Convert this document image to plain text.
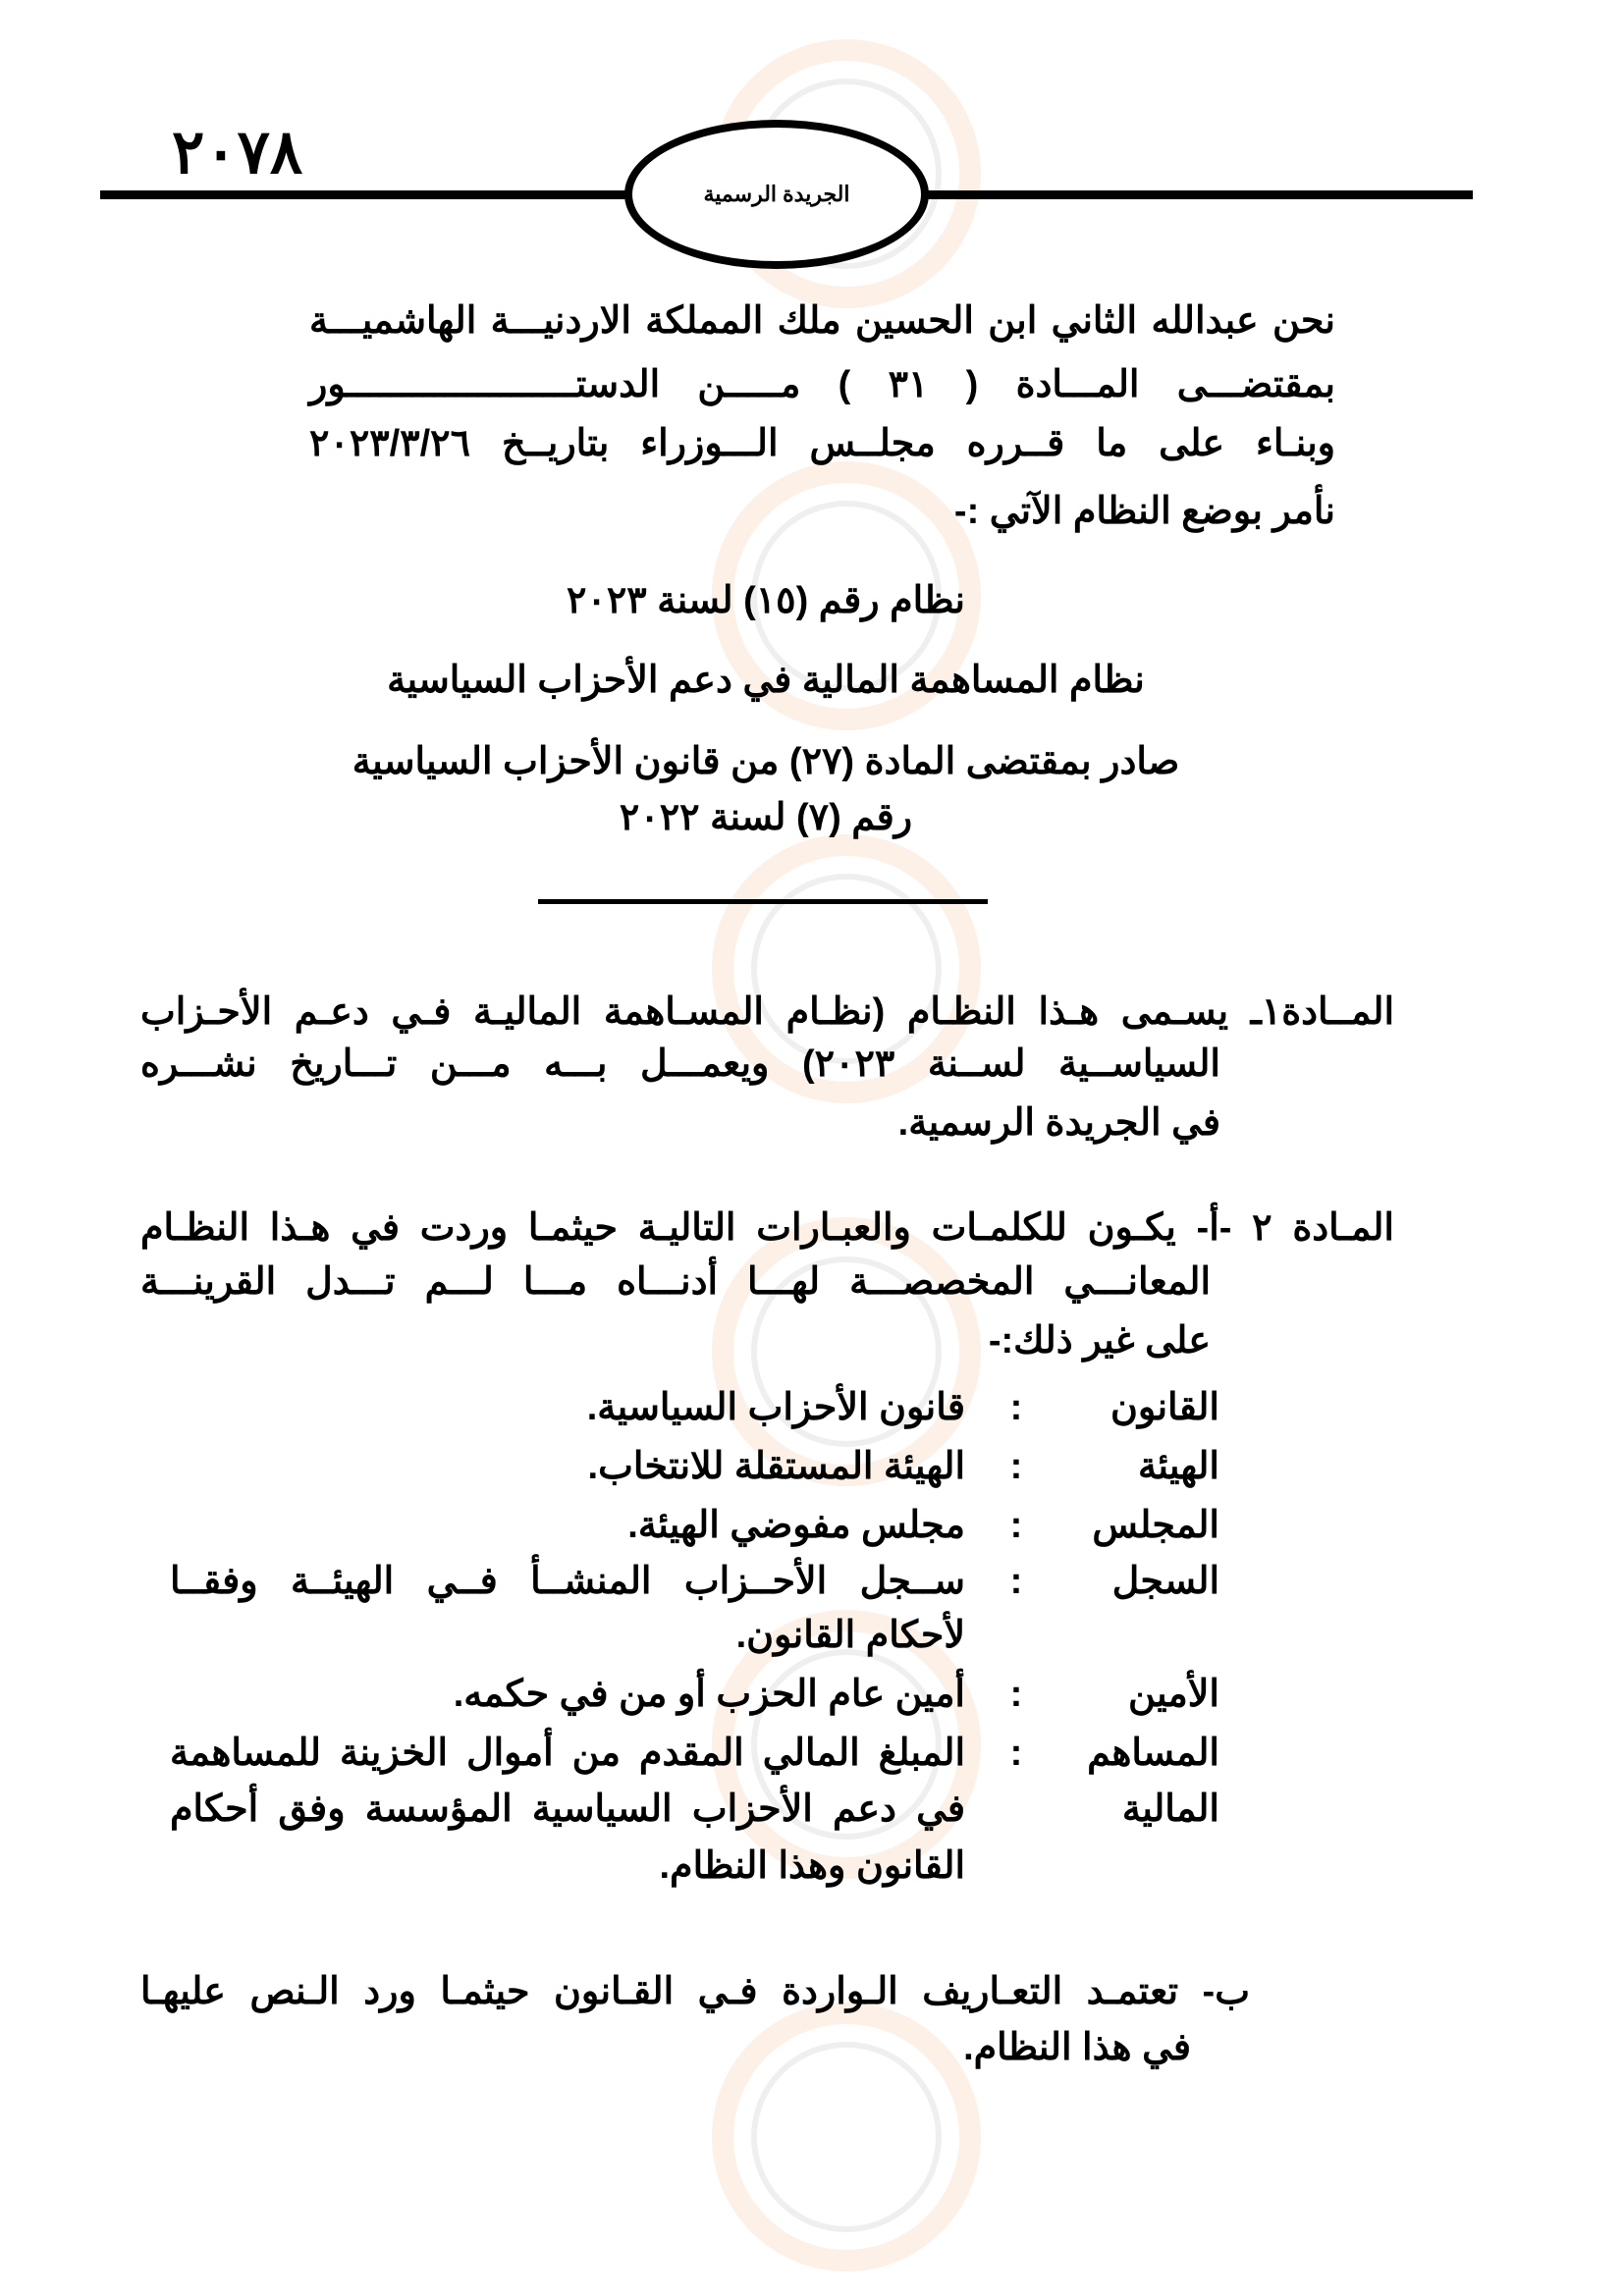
٢٠٧٨
الجريدة الرسمية
نحن عبدالله الثاني ابن الحسين ملك المملكة الاردنيـــة الهاشميـــة
بمقتضـــى المـــادة ( ٣١ ) مـــــن الدستـــــــــــــــــــــور
وبنـاء على ما قــرره مجلــس الـــوزراء بتاريــخ ٢٠٢٣/٣/٢٦
نأمر بوضع النظام الآتي :-
نظام رقم (١٥) لسنة ٢٠٢٣
نظام المساهمة المالية في دعم الأحزاب السياسية
صادر بمقتضى المادة (٢٧) من قانون الأحزاب السياسية
رقم (٧) لسنة ٢٠٢٢
المــادة١ـ يسـمى هـذا النظـام (نظـام المسـاهمة الماليـة فـي دعـم الأحـزاب
السياســية لســنة ٢٠٢٣) ويعمـــل بـــه مـــن تـــاريخ نشـــره
في الجريدة الرسمية.
المـادة ٢ -أ- يكـون للكلمـات والعبـارات التاليـة حيثمـا وردت في هـذا النظـام
المعانـــي المخصصـــة لهـــا أدنـــاه مـــا لـــم تـــدل القرينـــة
على غير ذلك:-
القانون
:
قانون الأحزاب السياسية.
الهيئة
:
الهيئة المستقلة للانتخاب.
المجلس
:
مجلس مفوضي الهيئة.
السجل
:
ســجل الأحــزاب المنشــأ فــي الهيئــة وفقــا
لأحكام القانون.
الأمين
:
أمين عام الحزب أو من في حكمه.
المساهم
المالية
:
المبلغ المالي المقدم من أموال الخزينة للمساهمة
في دعم الأحزاب السياسية المؤسسة وفق أحكام
القانون وهذا النظام.
ب- تعتمـد التعـاريف الـواردة فـي القـانون حيثمـا ورد الـنص عليهـا
في هذا النظام.
